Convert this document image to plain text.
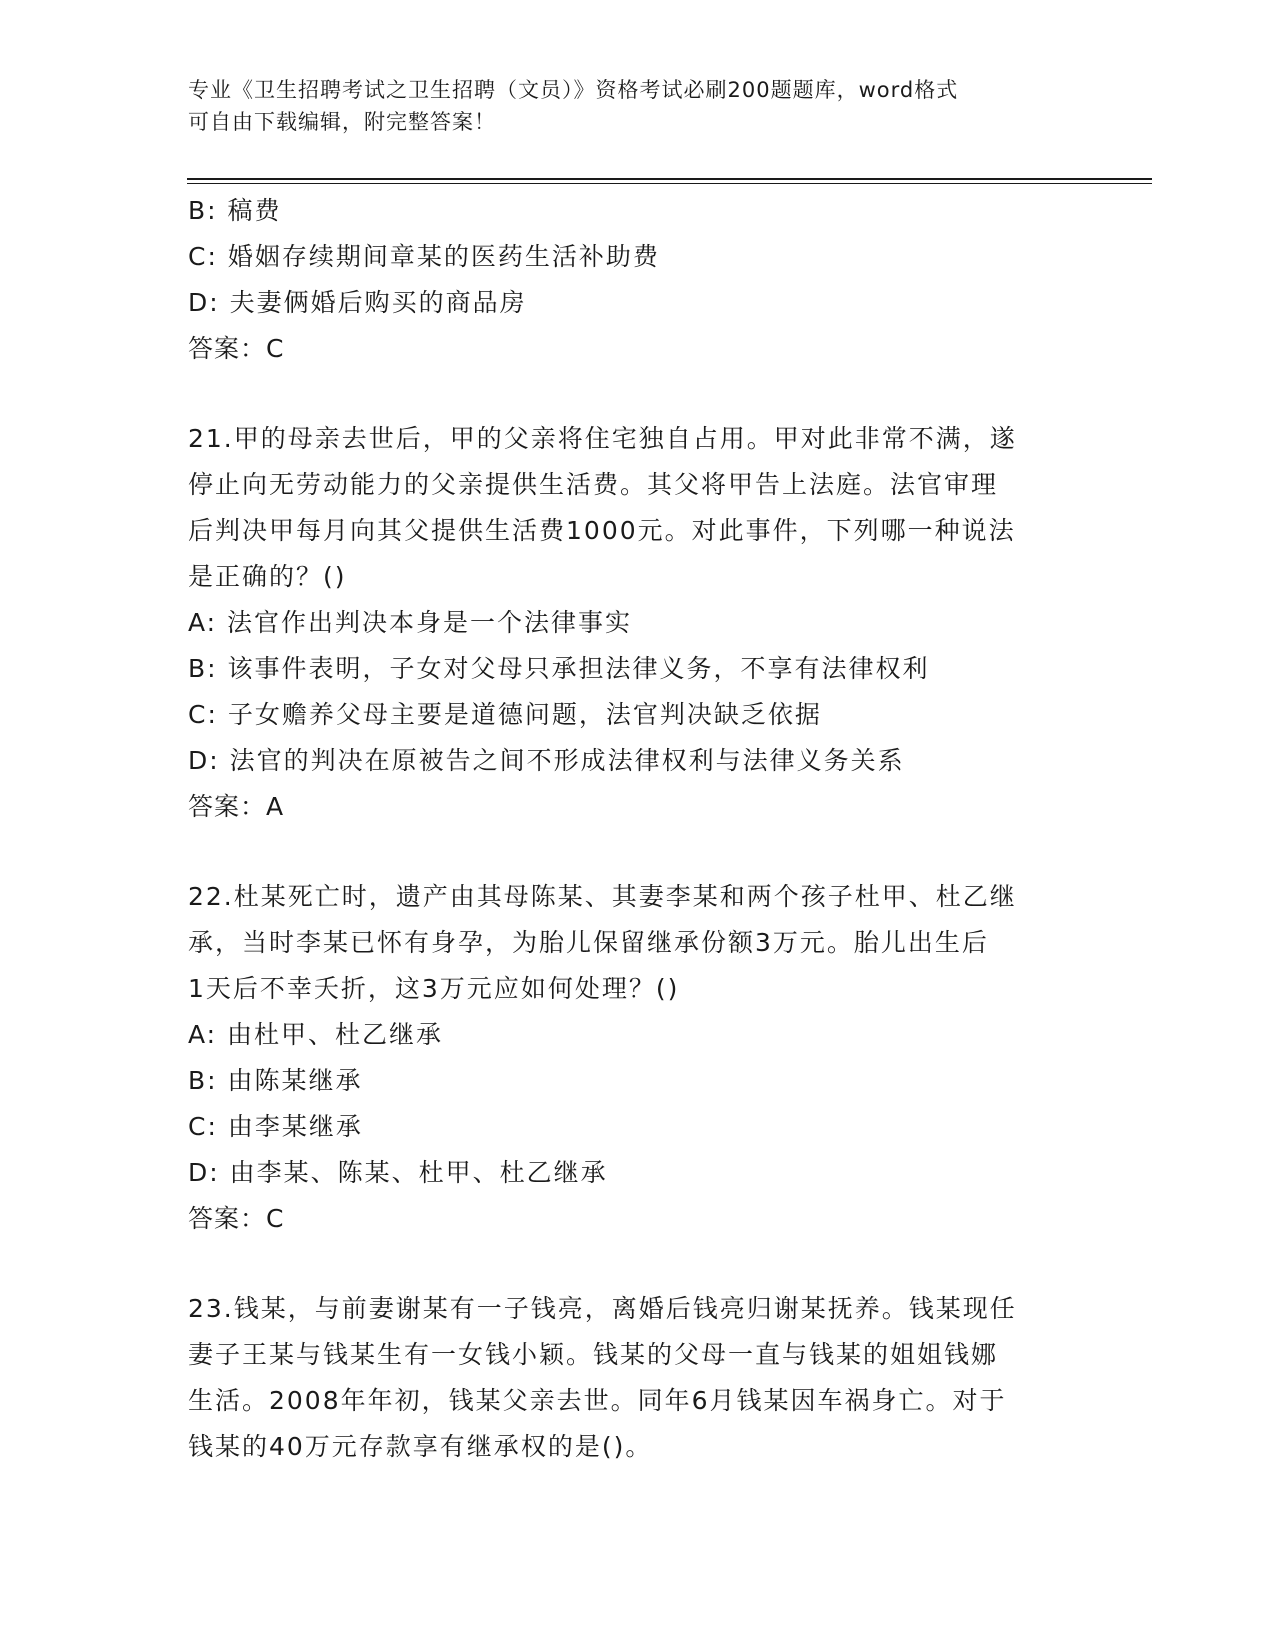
专业《卫生招聘考试之卫生招聘（文员）》资格考试必刷200题题库，word格式
可自由下载编辑，附完整答案！
B: 稿费
C: 婚姻存续期间章某的医药生活补助费
D: 夫妻俩婚后购买的商品房
答案：C
21.甲的母亲去世后，甲的父亲将住宅独自占用。甲对此非常不满，遂
停止向无劳动能力的父亲提供生活费。其父将甲告上法庭。法官审理
后判决甲每月向其父提供生活费1000元。对此事件，下列哪一种说法
是正确的？()
A: 法官作出判决本身是一个法律事实
B: 该事件表明，子女对父母只承担法律义务，不享有法律权利
C: 子女赡养父母主要是道德问题，法官判决缺乏依据
D: 法官的判决在原被告之间不形成法律权利与法律义务关系
答案：A
22.杜某死亡时，遗产由其母陈某、其妻李某和两个孩子杜甲、杜乙继
承，当时李某已怀有身孕，为胎儿保留继承份额3万元。胎儿出生后
1天后不幸夭折，这3万元应如何处理？()
A: 由杜甲、杜乙继承
B: 由陈某继承
C: 由李某继承
D: 由李某、陈某、杜甲、杜乙继承
答案：C
23.钱某，与前妻谢某有一子钱亮，离婚后钱亮归谢某抚养。钱某现任
妻子王某与钱某生有一女钱小颖。钱某的父母一直与钱某的姐姐钱娜
生活。2008年年初，钱某父亲去世。同年6月钱某因车祸身亡。对于
钱某的40万元存款享有继承权的是()。
